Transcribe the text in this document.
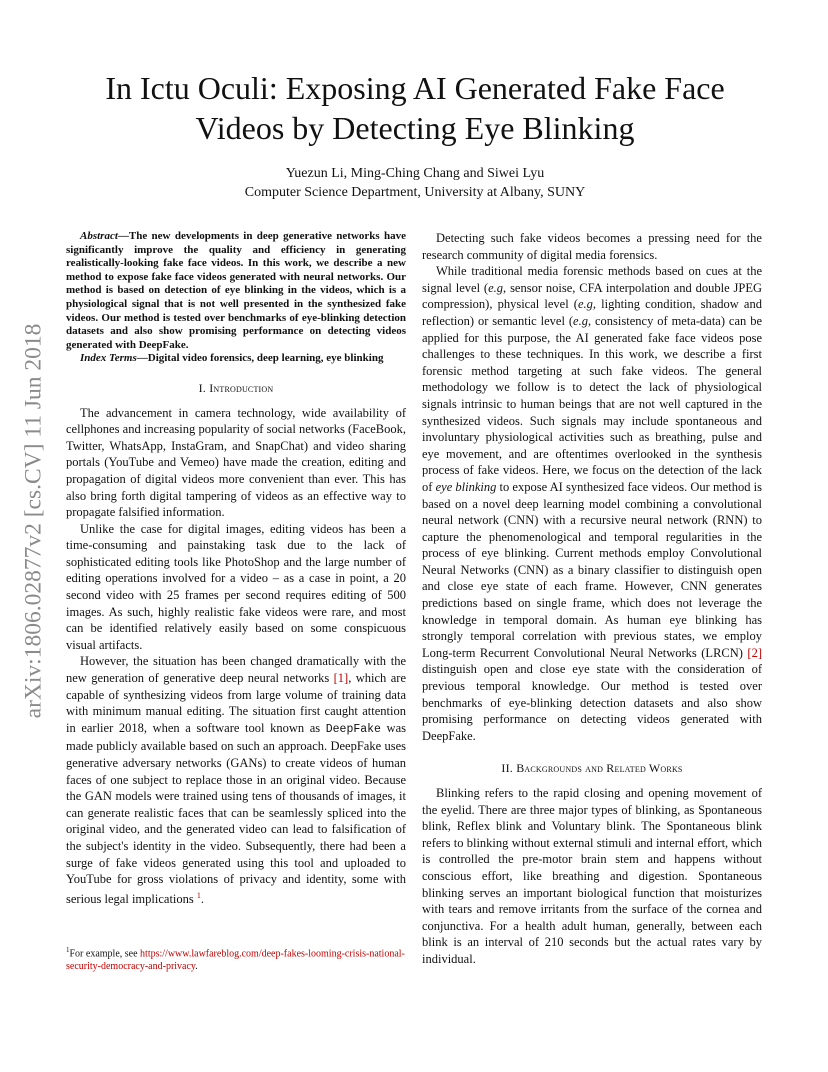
arXiv:1806.02877v2 [cs.CV] 11 Jun 2018
In Ictu Oculi: Exposing AI Generated Fake Face Videos by Detecting Eye Blinking
Yuezun Li, Ming-Ching Chang and Siwei Lyu
Computer Science Department, University at Albany, SUNY

Abstract—The new developments in deep generative networks have significantly improve the quality and efficiency in generating realistically-looking fake face videos. In this work, we describe a new method to expose fake face videos generated with neural networks. Our method is based on detection of eye blinking in the videos, which is a physiological signal that is not well presented in the synthesized fake videos. Our method is tested over benchmarks of eye-blinking detection datasets and also show promising performance on detecting videos generated with DeepFake.

Index Terms—Digital video forensics, deep learning, eye blinking

I. Introduction

The advancement in camera technology, wide availability of cellphones and increasing popularity of social networks (FaceBook, Twitter, WhatsApp, InstaGram, and SnapChat) and video sharing portals (YouTube and Vemeo) have made the creation, editing and propagation of digital videos more convenient than ever. This has also bring forth digital tampering of videos as an effective way to propagate falsified information.

Unlike the case for digital images, editing videos has been a time-consuming and painstaking task due to the lack of sophisticated editing tools like PhotoShop and the large number of editing operations involved for a video – as a case in point, a 20 second video with 25 frames per second requires editing of 500 images. As such, highly realistic fake videos were rare, and most can be identified relatively easily based on some conspicuous visual artifacts.

However, the situation has been changed dramatically with the new generation of generative deep neural networks [1], which are capable of synthesizing videos from large volume of training data with minimum manual editing. The situation first caught attention in earlier 2018, when a software tool known as DeepFake was made publicly available based on such an approach. DeepFake uses generative adversary networks (GANs) to create videos of human faces of one subject to replace those in an original video. Because the GAN models were trained using tens of thousands of images, it can generate realistic faces that can be seamlessly spliced into the original video, and the generated video can lead to falsification of the subject's identity in the video. Subsequently, there had been a surge of fake videos generated using this tool and uploaded to YouTube for gross violations of privacy and identity, some with serious legal implications $^1$.

$^1$For example, see https://www.lawfareblog.com/deep-fakes-looming-crisis-national-security-democracy-and-privacy.

Detecting such fake videos becomes a pressing need for the research community of digital media forensics.

While traditional media forensic methods based on cues at the signal level (e.g, sensor noise, CFA interpolation and double JPEG compression), physical level (e.g, lighting condition, shadow and reflection) or semantic level (e.g, consistency of meta-data) can be applied for this purpose, the AI generated fake face videos pose challenges to these techniques. In this work, we describe a first forensic method targeting at such fake videos. The general methodology we follow is to detect the lack of physiological signals intrinsic to human beings that are not well captured in the synthesized videos. Such signals may include spontaneous and involuntary physiological activities such as breathing, pulse and eye movement, and are oftentimes overlooked in the synthesis process of fake videos. Here, we focus on the detection of the lack of eye blinking to expose AI synthesized face videos. Our method is based on a novel deep learning model combining a convolutional neural network (CNN) with a recursive neural network (RNN) to capture the phenomenological and temporal regularities in the process of eye blinking. Current methods employ Convolutional Neural Networks (CNN) as a binary classifier to distinguish open and close eye state of each frame. However, CNN generates predictions based on single frame, which does not leverage the knowledge in temporal domain. As human eye blinking has strongly temporal correlation with previous states, we employ Long-term Recurrent Convolutional Neural Networks (LRCN) [2] distinguish open and close eye state with the consideration of previous temporal knowledge. Our method is tested over benchmarks of eye-blinking detection datasets and also show promising performance on detecting videos generated with DeepFake.

II. Backgrounds and Related Works

Blinking refers to the rapid closing and opening movement of the eyelid. There are three major types of blinking, as Spontaneous blink, Reflex blink and Voluntary blink. The Spontaneous blink refers to blinking without external stimuli and internal effort, which is controlled the pre-motor brain stem and happens without conscious effort, like breathing and digestion. Spontaneous blinking serves an important biological function that moisturizes with tears and remove irritants from the surface of the cornea and conjunctiva. For a health adult human, generally, between each blink is an interval of 210 seconds but the actual rates vary by individual.
